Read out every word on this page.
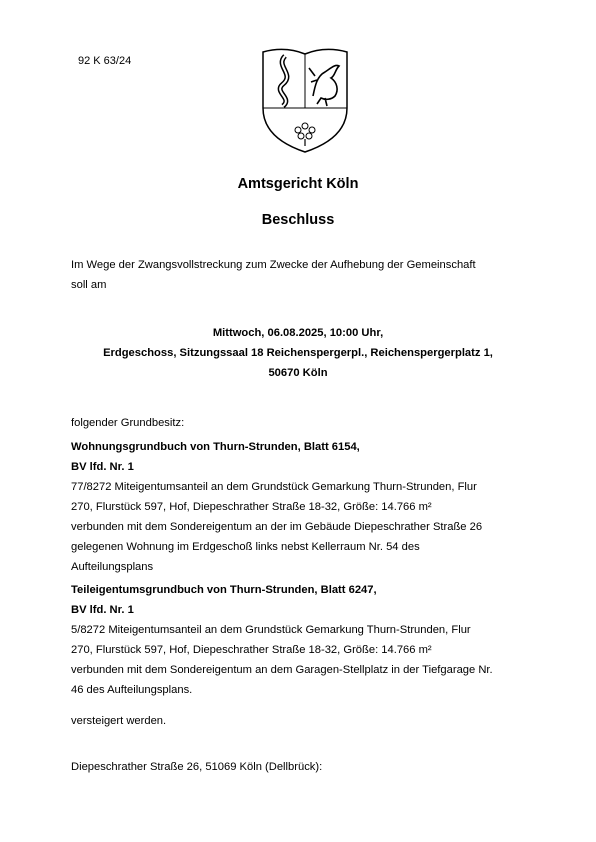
92 K 63/24
Amtsgericht Köln
Beschluss
Im Wege der Zwangsvollstreckung zum Zwecke der Aufhebung der Gemeinschaft
soll am
Mittwoch, 06.08.2025, 10:00 Uhr,
Erdgeschoss, Sitzungssaal 18 Reichenspergerpl., Reichenspergerplatz 1,
50670 Köln
folgender Grundbesitz:
Wohnungsgrundbuch von Thurn-Strunden, Blatt 6154,
BV lfd. Nr. 1
77/8272 Miteigentumsanteil an dem Grundstück Gemarkung Thurn-Strunden, Flur
270, Flurstück 597, Hof, Diepeschrather Straße 18-32, Größe: 14.766 m²
verbunden mit dem Sondereigentum an der im Gebäude Diepeschrather Straße 26
gelegenen Wohnung im Erdgeschoß links nebst Kellerraum Nr. 54 des
Aufteilungsplans
Teileigentumsgrundbuch von Thurn-Strunden, Blatt 6247,
BV lfd. Nr. 1
5/8272 Miteigentumsanteil an dem Grundstück Gemarkung Thurn-Strunden, Flur
270, Flurstück 597, Hof, Diepeschrather Straße 18-32, Größe: 14.766 m²
verbunden mit dem Sondereigentum an dem Garagen-Stellplatz in der Tiefgarage Nr.
46 des Aufteilungsplans.
versteigert werden.
Diepeschrather Straße 26, 51069 Köln (Dellbrück):
